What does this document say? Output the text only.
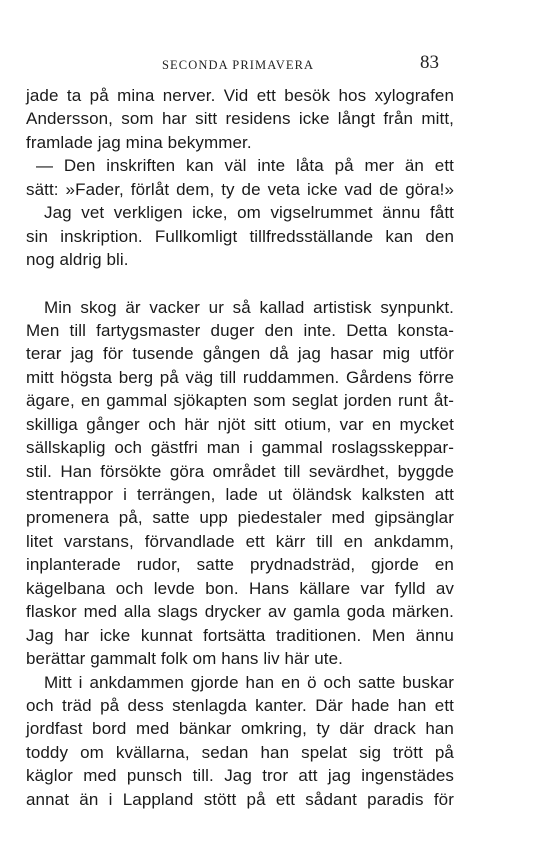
SECONDA PRIMAVERA	83
jade ta på mina nerver. Vid ett besök hos xylografen
Andersson, som har sitt residens icke långt från mitt,
framlade jag mina bekymmer.
— Den inskriften kan väl inte låta på mer än ett
sätt: »Fader, förlåt dem, ty de veta icke vad de göra!»
Jag vet verkligen icke, om vigselrummet ännu fått
sin inskription. Fullkomligt tillfredsställande kan den
nog aldrig bli.
Min skog är vacker ur så kallad artistisk synpunkt.
Men till fartygsmaster duger den inte. Detta konsta-
terar jag för tusende gången då jag hasar mig utför
mitt högsta berg på väg till ruddammen. Gårdens förre
ägare, en gammal sjökapten som seglat jorden runt åt-
skilliga gånger och här njöt sitt otium, var en mycket
sällskaplig och gästfri man i gammal roslagsskeppar-
stil. Han försökte göra området till sevärdhet, byggde
stentrappor i terrängen, lade ut öländsk kalksten att
promenera på, satte upp piedestaler med gipsänglar
litet varstans, förvandlade ett kärr till en ankdamm,
inplanterade rudor, satte prydnadsträd, gjorde en
kägelbana och levde bon. Hans källare var fylld av
flaskor med alla slags drycker av gamla goda märken.
Jag har icke kunnat fortsätta traditionen. Men ännu
berättar gammalt folk om hans liv här ute.
Mitt i ankdammen gjorde han en ö och satte buskar
och träd på dess stenlagda kanter. Där hade han ett
jordfast bord med bänkar omkring, ty där drack han
toddy om kvällarna, sedan han spelat sig trött på
käglor med punsch till. Jag tror att jag ingenstädes
annat än i Lappland stött på ett sådant paradis för
